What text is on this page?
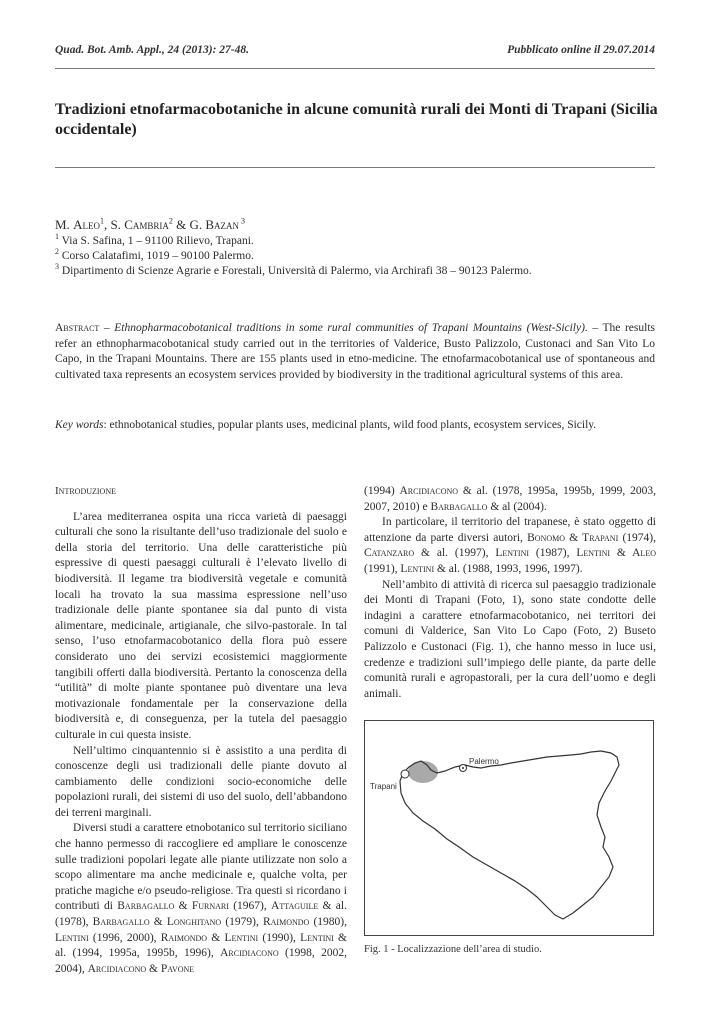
Quad. Bot. Amb. Appl., 24 (2013): 27-48.	Pubblicato online il 29.07.2014
Tradizioni etnofarmacobotaniche in alcune comunità rurali dei Monti di Trapani (Sicilia occidentale)
M. Aleo$^1$, S. Cambria$^2$ & G. Bazan $^3$
$^1$ Via S. Safina, 1 – 91100 Rilievo, Trapani.
$^2$ Corso Calatafimi, 1019 – 90100 Palermo.
$^3$ Dipartimento di Scienze Agrarie e Forestali, Università di Palermo, via Archirafi 38 – 90123 Palermo.
Abstract – Ethnopharmacobotanical traditions in some rural communities of Trapani Mountains (West-Sicily). – The results refer an ethnopharmacobotanical study carried out in the territories of Valderice, Busto Palizzolo, Custonaci and San Vito Lo Capo, in the Trapani Mountains. There are 155 plants used in etno-medicine. The etnofarmacobotanical use of spontaneous and cultivated taxa represents an ecosystem services provided by biodiversity in the traditional agricultural systems of this area.
Key words: ethnobotanical studies, popular plants uses, medicinal plants, wild food plants, ecosystem services, Sicily.
Introduzione

L’area mediterranea ospita una ricca varietà di paesaggi culturali che sono la risultante dell’uso tradizionale del suolo e della storia del territorio. Una delle caratteristiche più espressive di questi paesaggi culturali è l’elevato livello di biodiversità. Il legame tra biodiversità vegetale e comunità locali ha trovato la sua massima espressione nell’uso tradizionale delle piante spontanee sia dal punto di vista alimentare, medicinale, artigianale, che silvo-pastorale. In tal senso, l’uso etnofarmacobotanico della flora può essere considerato uno dei servizi ecosistemici maggiormente tangibili offerti dalla biodiversità. Pertanto la conoscenza della “utilità” di molte piante spontanee può diventare una leva motivazionale fondamentale per la conservazione della biodiversità e, di conseguenza, per la tutela del paesaggio culturale in cui questa insiste.

Nell’ultimo cinquantennio si è assistito a una perdita di conoscenze degli usi tradizionali delle piante dovuto al cambiamento delle condizioni socio-economiche delle popolazioni rurali, dei sistemi di uso del suolo, dell’abbandono dei terreni marginali.

Diversi studi a carattere etnobotanico sul territorio siciliano che hanno permesso di raccogliere ed ampliare le conoscenze sulle tradizioni popolari legate alle piante utilizzate non solo a scopo alimentare ma anche medicinale e, qualche volta, per pratiche magiche e/o pseudo-religiose. Tra questi si ricordano i contributi di Barbagallo & Furnari (1967), Attaguile & al. (1978), Barbagallo & Longhitano (1979), Raimondo (1980), Lentini (1996, 2000), Raimondo & Lentini (1990), Lentini & al. (1994, 1995a, 1995b, 1996), Arcidiacono (1998, 2002, 2004), Arcidiacono & Pavone

(1994) Arcidiacono & al. (1978, 1995a, 1995b, 1999, 2003, 2007, 2010) e Barbagallo & al (2004).

In particolare, il territorio del trapanese, è stato oggetto di attenzione da parte diversi autori, Bonomo & Trapani (1974), Catanzaro & al. (1997), Lentini (1987), Lentini & Aleo (1991), Lentini & al. (1988, 1993, 1996, 1997).

Nell’ambito di attività di ricerca sul paesaggio tradizionale dei Monti di Trapani (Foto, 1), sono state condotte delle indagini a carattere etnofarmacobotanico, nei territori dei comuni di Valderice, San Vito Lo Capo (Foto, 2) Buseto Palizzolo e Custonaci (Fig. 1), che hanno messo in luce usi, credenze e tradizioni sull’impiego delle piante, da parte delle comunità rurali e agropastorali, per la cura dell’uomo e degli animali.

Palermo
Trapani
Fig. 1 - Localizzazione dell’area di studio.
